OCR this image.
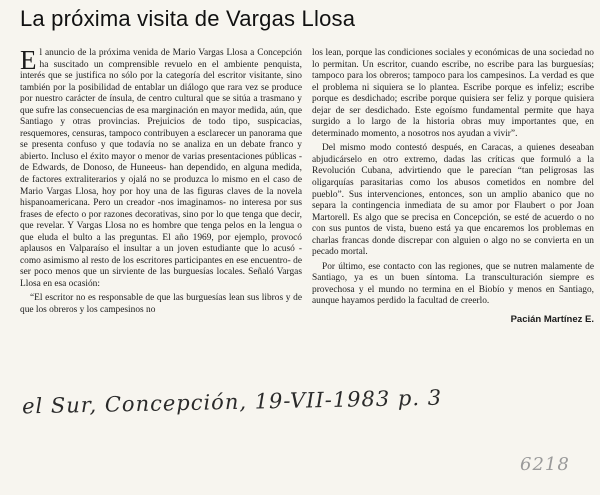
La próxima visita de Vargas Llosa

El anuncio de la próxima venida de Mario Vargas Llosa a Concepción ha suscitado un comprensible revuelo en el ambiente penquista, interés que se justifica no sólo por la categoría del escritor visitante, sino también por la posibilidad de entablar un diálogo que rara vez se produce por nuestro carácter de ínsula, de centro cultural que se sitúa a trasmano y que sufre las consecuencias de esa marginación en mayor medida, aún, que Santiago y otras provincias. Prejuicios de todo tipo, suspicacias, resquemores, censuras, tampoco contribuyen a esclarecer un panorama que se presenta confuso y que todavía no se analiza en un debate franco y abierto. Incluso el éxito mayor o menor de varias presentaciones públicas -de Edwards, de Donoso, de Huneeus- han dependido, en alguna medida, de factores extraliterarios y ojalá no se produzca lo mismo en el caso de Mario Vargas Llosa, hoy por hoy una de las figuras claves de la novela hispanoamericana. Pero un creador -nos imaginamos- no interesa por sus frases de efecto o por razones decorativas, sino por lo que tenga que decir, que revelar. Y Vargas Llosa no es hombre que tenga pelos en la lengua o que eluda el bulto a las preguntas. El año 1969, por ejemplo, provocó aplausos en Valparaíso el insultar a un joven estudiante que lo acusó -como asimismo al resto de los escritores participantes en ese encuentro- de ser poco menos que un sirviente de las burguesías locales. Señaló Vargas Llosa en esa ocasión:

“El escritor no es responsable de que las burguesías lean sus libros y de que los obreros y los campesinos no

los lean, porque las condiciones sociales y económicas de una sociedad no lo permitan. Un escritor, cuando escribe, no escribe para las burguesías; tampoco para los obreros; tampoco para los campesinos. La verdad es que el problema ni siquiera se lo plantea. Escribe porque es infeliz; escribe porque es desdichado; escribe porque quisiera ser feliz y porque quisiera dejar de ser desdichado. Este egoísmo fundamental permite que haya surgido a lo largo de la historia obras muy importantes que, en determinado momento, a nosotros nos ayudan a vivir”.

Del mismo modo contestó después, en Caracas, a quienes deseaban abjudicárselo en otro extremo, dadas las críticas que formuló a la Revolución Cubana, advirtiendo que le parecían “tan peligrosas las oligarquías parasitarias como los abusos cometidos en nombre del pueblo”. Sus intervenciones, entonces, son un amplio abanico que no separa la contingencia inmediata de su amor por Flaubert o por Joan Martorell. Es algo que se precisa en Concepción, se esté de acuerdo o no con sus puntos de vista, bueno está ya que encaremos los problemas en charlas francas donde discrepar con alguien o algo no se convierta en un pecado mortal.

Por último, ese contacto con las regiones, que se nutren malamente de Santiago, ya es un buen síntoma. La transculturación siempre es provechosa y el mundo no termina en el Biobío y menos en Santiago, aunque hayamos perdido la facultad de creerlo.

Pacián Martínez E.
el Sur, Concepción, 19-VII-1983 p. 3
6218
